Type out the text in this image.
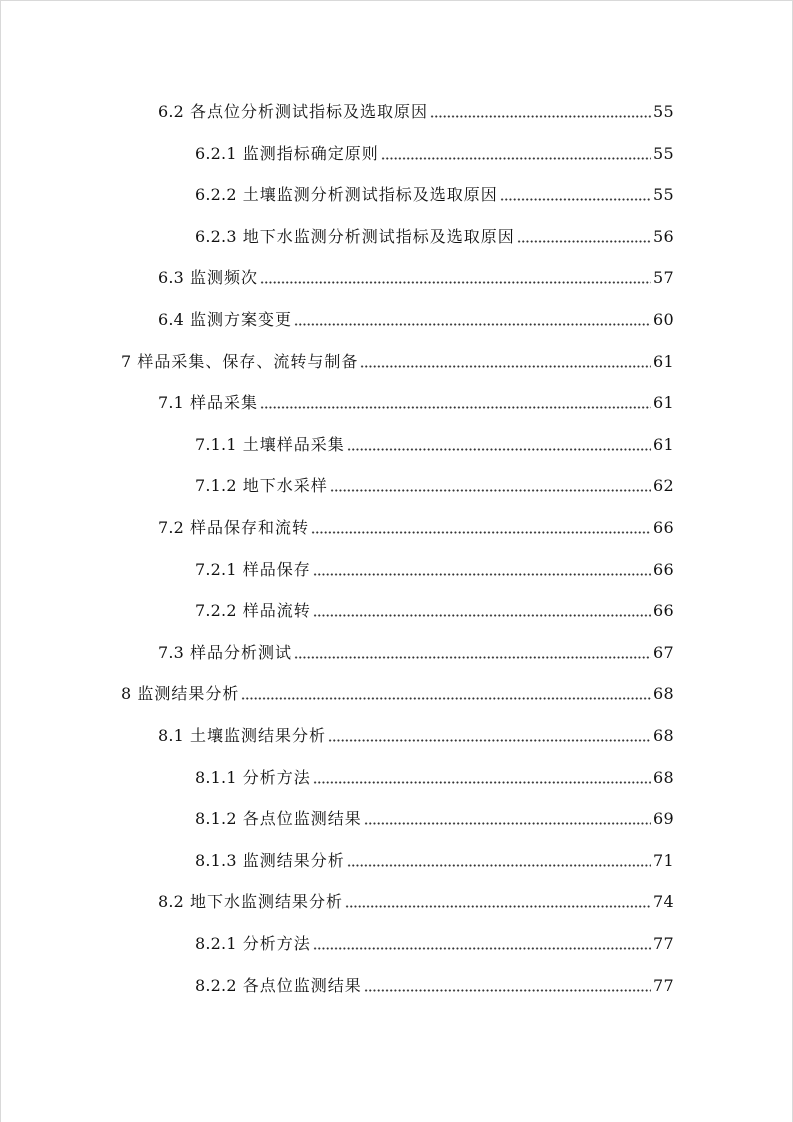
6.2 各点位分析测试指标及选取原因	55
6.2.1 监测指标确定原则	55
6.2.2 土壤监测分析测试指标及选取原因	55
6.2.3 地下水监测分析测试指标及选取原因	56
6.3 监测频次	57
6.4 监测方案变更	60
7 样品采集、保存、流转与制备	61
7.1 样品采集	61
7.1.1 土壤样品采集	61
7.1.2 地下水采样	62
7.2 样品保存和流转	66
7.2.1 样品保存	66
7.2.2 样品流转	66
7.3 样品分析测试	67
8 监测结果分析	68
8.1 土壤监测结果分析	68
8.1.1 分析方法	68
8.1.2 各点位监测结果	69
8.1.3 监测结果分析	71
8.2 地下水监测结果分析	74
8.2.1 分析方法	77
8.2.2 各点位监测结果	77
